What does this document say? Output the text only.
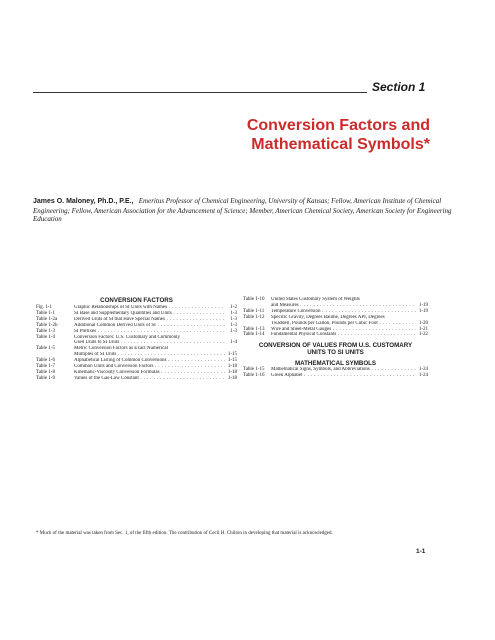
Section 1
Conversion Factors and
Mathematical Symbols*
James O. Maloney, Ph.D., P.E., Emeritus Professor of Chemical Engineering, University of Kansas; Fellow, American Institute of Chemical Engineering; Fellow, American Association for the Advancement of Science; Member, American Chemical Society, American Society for Engineering Education
CONVERSION FACTORS
Fig. 1-1	Graphic Relationships of SI Units with Names . . .	1-2
Table 1-1	SI Base and Supplementary Quantities and Units . . .	1-3
Table 1-2a	Derived Units of SI that Have Special Names . . .	1-3
Table 1-2b	Additional Common Derived Units of SI . . .	1-3
Table 1-3	SI Prefixes . . .	1-3
Table 1-4	Conversion Factors: U.S. Customary and Commonly
Used Units to SI Units . . .	1-4
Table 1-5	Metric Conversion Factors as Exact Numerical
Multiples of SI Units . . .	1-15
Table 1-6	Alphabetical Listing of Common Conversions . . .	1-15
Table 1-7	Common Units and Conversion Factors . . .	1-18
Table 1-8	Kinematic-Viscosity Conversion Formulas . . .	1-18
Table 1-9	Values of the Gas-Law Constant . . .	1-18
Table 1-10 United States Customary System of Weights
and Measures . . .	1-19
Table 1-11 Temperature Conversion . . .	1-19
Table 1-12 Specific Gravity, Degrees Baumé, Degrees API, Degrees
Twaddell, Pounds per Gallon, Pounds per Cubic Foot . . .	1-20
Table 1-13 Wire and Sheet-Metal Gauges . . .	1-21
Table 1-14 Fundamental Physical Constants . . .	1-22
CONVERSION OF VALUES FROM U.S. CUSTOMARY
UNITS TO SI UNITS
MATHEMATICAL SYMBOLS
Table 1-15 Mathematical Signs, Symbols, and Abbreviations . . .	1-24
Table 1-16 Greek Alphabet . . .	1-24
* Much of the material was taken from Sec. 1, of the fifth edition. The contribution of Cecil H. Chilton in developing that material is acknowledged.
1-1
